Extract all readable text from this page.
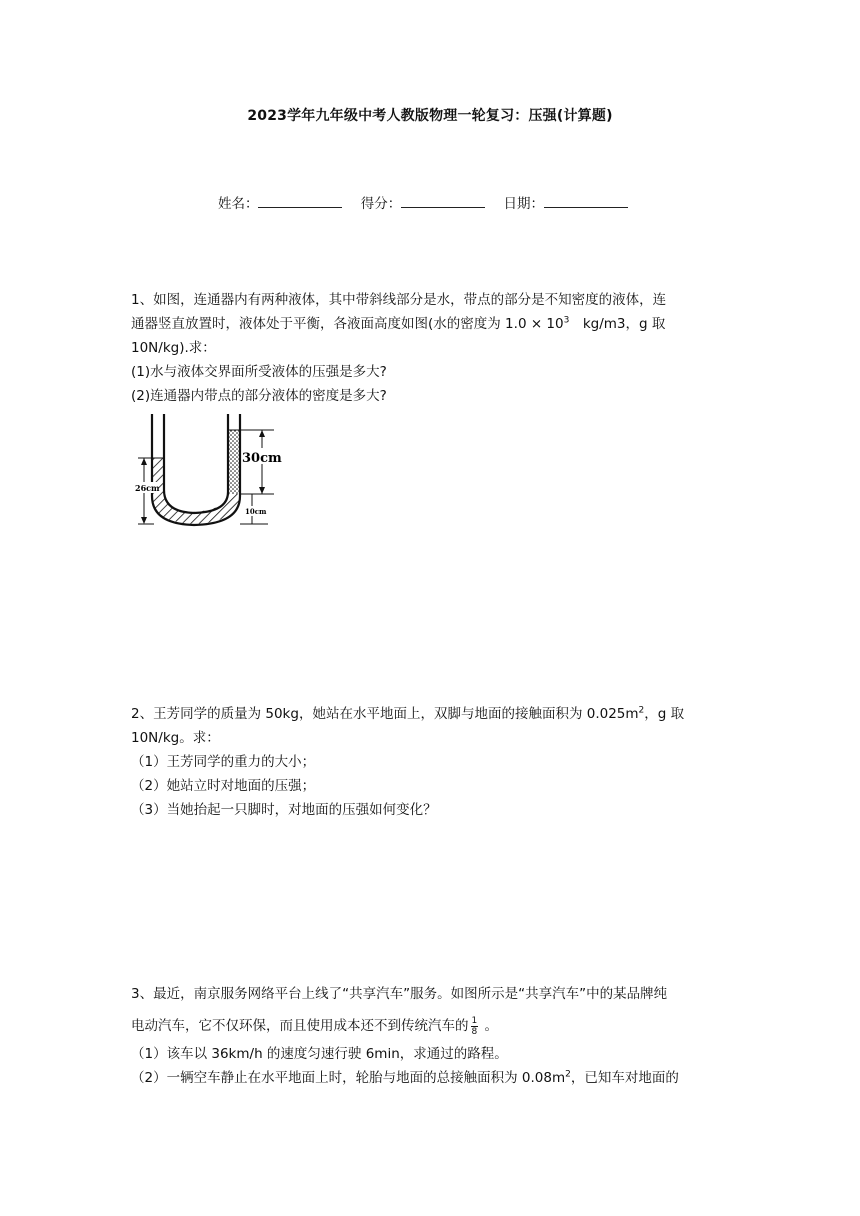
2023学年九年级中考人教版物理一轮复习：压强(计算题)
姓名：	得分：	日期：

1、如图，连通器内有两种液体，其中带斜线部分是水，带点的部分是不知密度的液体，连

通器竖直放置时，液体处于平衡，各液面高度如图(水的密度为 $1.0 \times 10^3$　kg/m3，g 取

10N/kg).求：

(1)水与液体交界面所受液体的压强是多大?

(2)连通器内带点的部分液体的密度是多大?

26cm
30cm
10cm

2、王芳同学的质量为 50kg，她站在水平地面上，双脚与地面的接触面积为 $0.025m^2$，g 取

10N/kg。求：

（1）王芳同学的重力的大小；

（2）她站立时对地面的压强；

（3）当她抬起一只脚时，对地面的压强如何变化？

3、最近，南京服务网络平台上线了“共享汽车”服务。如图所示是“共享汽车”中的某品牌纯

电动汽车，它不仅环保，而且使用成本还不到传统汽车的 $\frac{1}{8}$ 。

（1）该车以 36km/h 的速度匀速行驶 6min，求通过的路程。

（2）一辆空车静止在水平地面上时，轮胎与地面的总接触面积为 $0.08m^2$，已知车对地面的
